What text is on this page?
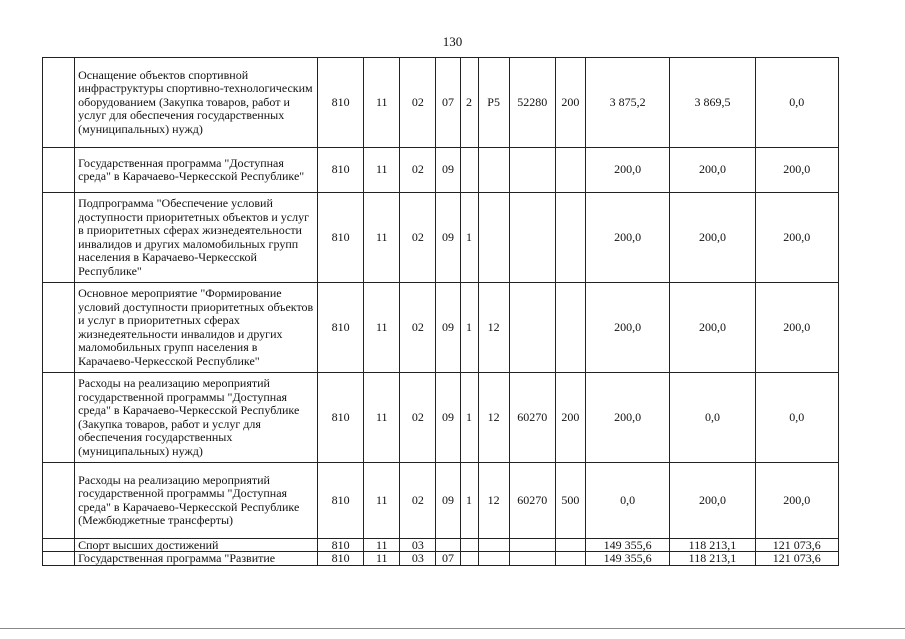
130
	Оснащение объектов спортивной инфраструктуры спортивно-технологическим оборудованием (Закупка товаров, работ и услуг для обеспечения государственных (муниципальных) нужд)	810	11	02	07	2	P5	52280	200	3 875,2	3 869,5	0,0
	Государственная программа "Доступная среда" в Карачаево-Черкесской Республике"	810	11	02	09					200,0	200,0	200,0
	Подпрограмма "Обеспечение условий доступности приоритетных объектов и услуг в приоритетных сферах жизнедеятельности инвалидов и других маломобильных групп населения в Карачаево-Черкесской Республике"	810	11	02	09	1				200,0	200,0	200,0
	Основное мероприятие "Формирование условий доступности приоритетных объектов и услуг в приоритетных сферах жизнедеятельности инвалидов и других маломобильных групп населения в Карачаево-Черкесской Республике"	810	11	02	09	1	12			200,0	200,0	200,0
	Расходы на реализацию мероприятий государственной программы "Доступная среда" в Карачаево-Черкесской Республике (Закупка товаров, работ и услуг для обеспечения государственных (муниципальных) нужд)	810	11	02	09	1	12	60270	200	200,0	0,0	0,0
	Расходы на реализацию мероприятий государственной программы "Доступная среда" в Карачаево-Черкесской Республике (Межбюджетные трансферты)	810	11	02	09	1	12	60270	500	0,0	200,0	200,0
	Спорт высших достижений	810	11	03						149 355,6	118 213,1	121 073,6
	Государственная программа "Развитие	810	11	03	07					149 355,6	118 213,1	121 073,6
